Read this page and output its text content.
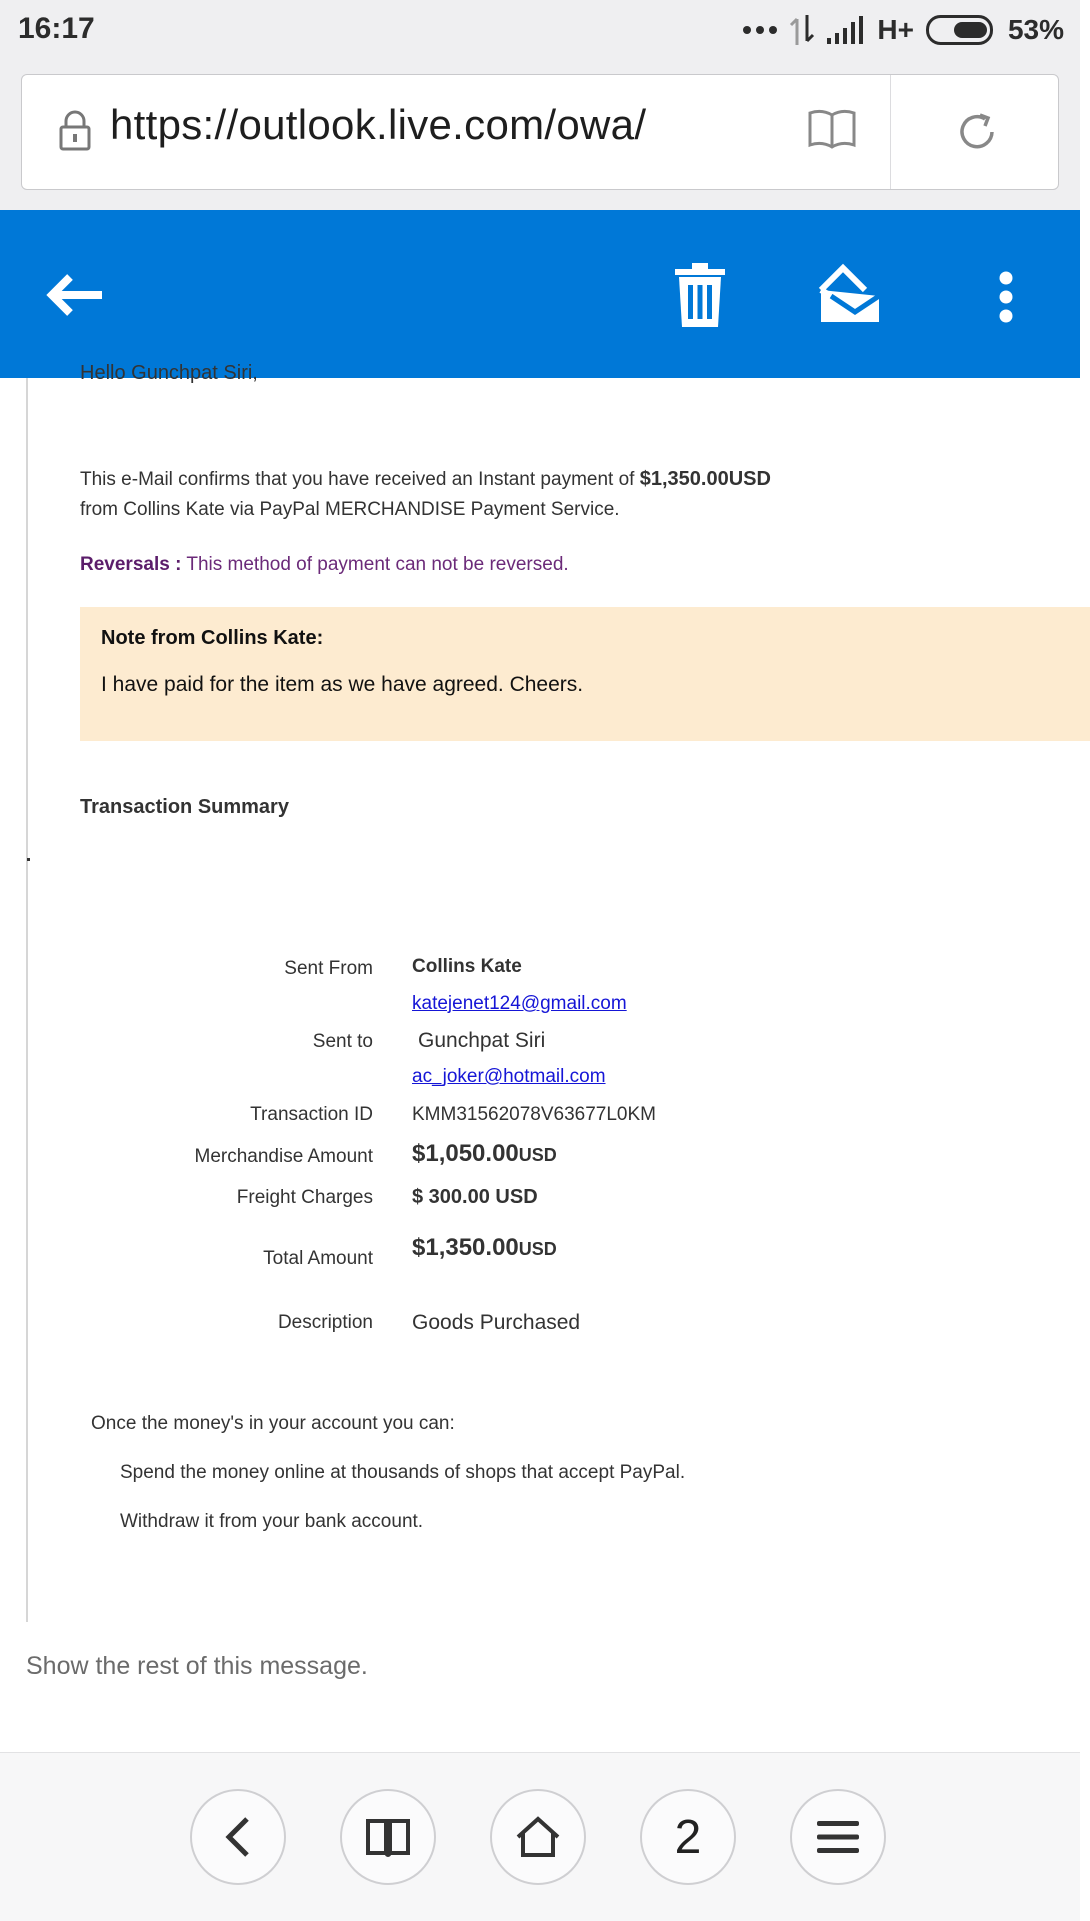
16:17	H+	53%
https://outlook.live.com/owa/
Hello Gunchpat Siri,
This e-Mail confirms that you have received an Instant payment of $1,350.00USD
from Collins Kate via PayPal MERCHANDISE Payment Service.
Reversals : This method of payment can not be reversed.
Note from Collins Kate:
I have paid for the item as we have agreed. Cheers.
Transaction Summary
Sent From Collins Kate
katejenet124@gmail.com
Sent to Gunchpat Siri
ac_joker@hotmail.com
Transaction ID KMM31562078V63677L0KM
Merchandise Amount $1,050.00USD
Freight Charges $ 300.00 USD
Total Amount $1,350.00USD
Description Goods Purchased
Once the money's in your account you can:
Spend the money online at thousands of shops that accept PayPal.
Withdraw it from your bank account.
Show the rest of this message.
2
